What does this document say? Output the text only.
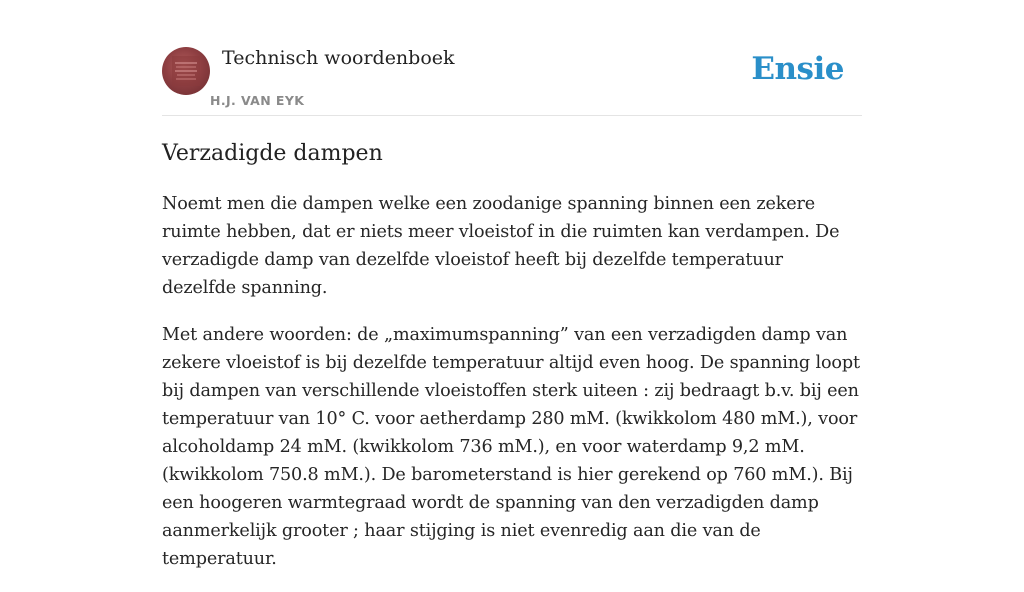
Technisch woordenboek
H.J. VAN EYK
Ensie
Verzadigde dampen

Noemt men die dampen welke een zoodanige spanning binnen een zekere ruimte hebben, dat er niets meer vloeistof in die ruimten kan verdampen. De verzadigde damp van dezelfde vloeistof heeft bij dezelfde temperatuur dezelfde spanning.

Met andere woorden: de „maximumspanning” van een verzadigden damp van zekere vloeistof is bij dezelfde temperatuur altijd even hoog. De spanning loopt bij dampen van verschillende vloeistoffen sterk uiteen : zij bedraagt b.v. bij een temperatuur van 10° C. voor aetherdamp 280 mM. (kwikkolom 480 mM.), voor alcoholdamp 24 mM. (kwikkolom 736 mM.), en voor waterdamp 9,2 mM. (kwikkolom 750.8 mM.). De barometerstand is hier gerekend op 760 mM.). Bij een hoogeren warmtegraad wordt de spanning van den verzadigden damp aanmerkelijk grooter ; haar stijging is niet evenredig aan die van de temperatuur.
